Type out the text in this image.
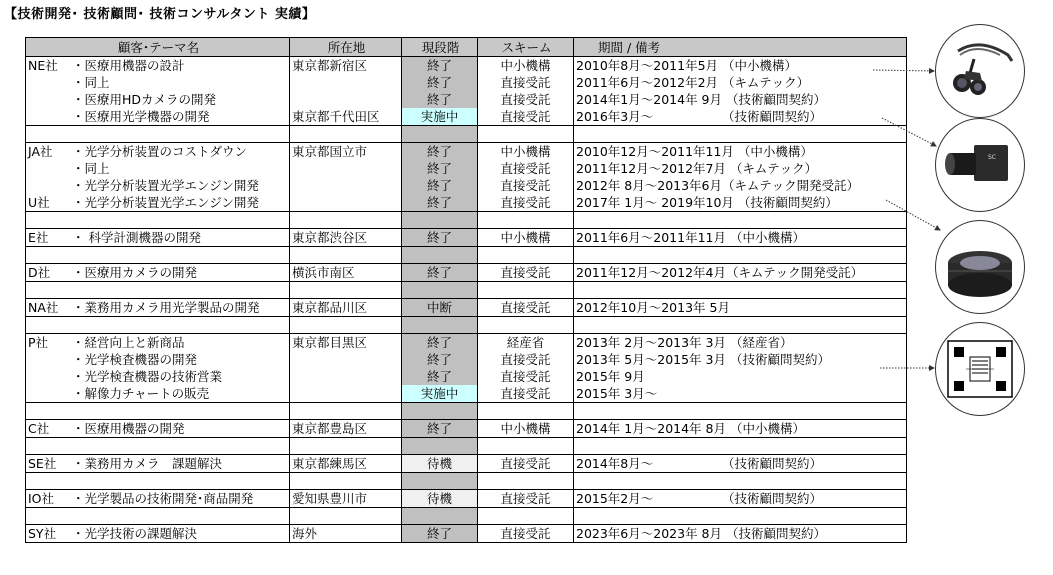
【技術開発･ 技術顧問･ 技術コンサルタント 実績】
顧客･テーマ名	所在地	現段階	スキーム	期間 / 備考
NE社 ・医療用機器の設計	東京都新宿区	終了	中小機構	2010年8月～2011年5月 （中小機構）
・同上		終了	直接受託	2011年6月～2012年2月 （キムテック）
・医療用HDカメラの開発		終了	直接受託	2014年1月～2014年 9月 （技術顧問契約）
・医療用光学機器の開発	東京都千代田区	実施中	直接受託	2016年3月～　　　　　　（技術顧問契約）

JA社 ・光学分析装置のコストダウン	東京都国立市	終了	中小機構	2010年12月～2011年11月 （中小機構）
・同上		終了	直接受託	2011年12月～2012年7月 （キムテック）
・光学分析装置光学エンジン開発		終了	直接受託	2012年 8月～2013年6月（キムテック開発受託）
U社 ・光学分析装置光学エンジン開発		終了	直接受託	2017年 1月～ 2019年10月 （技術顧問契約）

E社 ・ 科学計測機器の開発	東京都渋谷区	終了	中小機構	2011年6月～2011年11月 （中小機構）

D社 ・医療用カメラの開発	横浜市南区	終了	直接受託	2011年12月～2012年4月（キムテック開発受託）

NA社 ・業務用カメラ用光学製品の開発	東京都品川区	中断	直接受託	2012年10月～2013年 5月

P社 ・経営向上と新商品	東京都目黒区	終了	経産省	2013年 2月～2013年 3月 （経産省）
・光学検査機器の開発		終了	直接受託	2013年 5月～2015年 3月 （技術顧問契約）
・光学検査機器の技術営業		終了	直接受託	2015年 9月
・解像力チャートの販売		実施中	直接受託	2015年 3月～

C社 ・医療用機器の開発	東京都豊島区	終了	中小機構	2014年 1月～2014年 8月 （中小機構）

SE社 ・業務用カメラ　課題解決	東京都練馬区	待機	直接受託	2014年8月～　　　　　　（技術顧問契約）

IO社 ・光学製品の技術開発･商品開発	愛知県豊川市	待機	直接受託	2015年2月～　　　　　　（技術顧問契約）

SY社 ・光学技術の課題解決	海外	終了	直接受託	2023年6月～2023年 8月 （技術顧問契約）
SC
